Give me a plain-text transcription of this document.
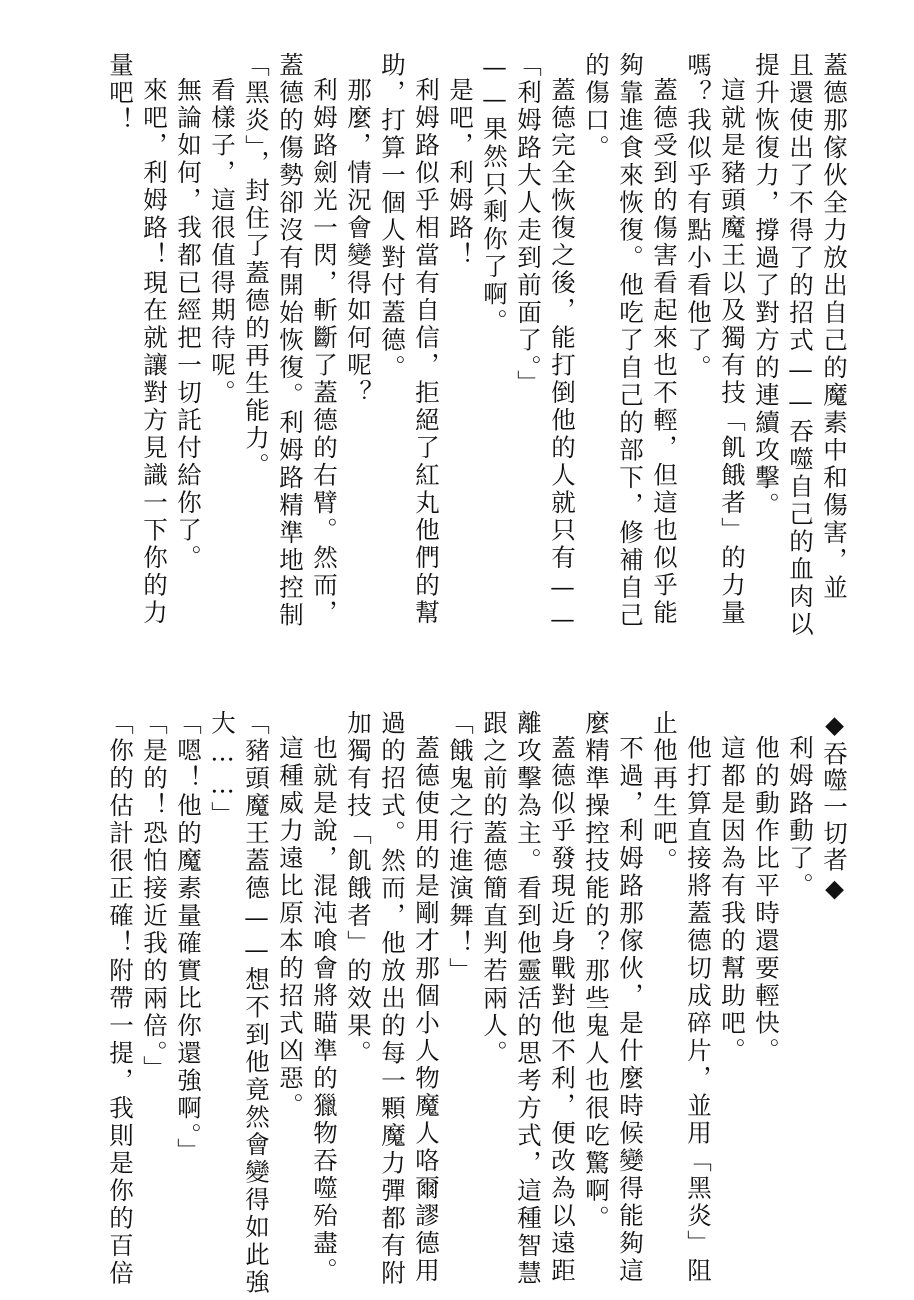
蓋德那傢伙全力放出自己的魔素中和傷害，並

且還使出了不得了的招式——吞噬自己的血肉以

提升恢復力，撐過了對方的連續攻擊。

這就是豬頭魔王以及獨有技「飢餓者」的力量

嗎？我似乎有點小看他了。

蓋德受到的傷害看起來也不輕，但這也似乎能

夠靠進食來恢復。他吃了自己的部下，修補自己

的傷口。

蓋德完全恢復之後，能打倒他的人就只有——

「利姆路大人走到前面了。」

——果然只剩你了啊。

是吧，利姆路！

利姆路似乎相當有自信，拒絕了紅丸他們的幫

助，打算一個人對付蓋德。

那麼，情況會變得如何呢？

利姆路劍光一閃，斬斷了蓋德的右臂。然而，

蓋德的傷勢卻沒有開始恢復。利姆路精準地控制

「黑炎」，封住了蓋德的再生能力。

看樣子，這很值得期待呢。

無論如何，我都已經把一切託付給你了。

來吧，利姆路！現在就讓對方見識一下你的力

量吧！

◆吞噬一切者◆

利姆路動了。

他的動作比平時還要輕快。

這都是因為有我的幫助吧。

他打算直接將蓋德切成碎片，並用「黑炎」阻

止他再生吧。

不過，利姆路那傢伙，是什麼時候變得能夠這

麼精準操控技能的？那些鬼人也很吃驚啊。

蓋德似乎發現近身戰對他不利，便改為以遠距

離攻擊為主。看到他靈活的思考方式，這種智慧

跟之前的蓋德簡直判若兩人。

「餓鬼之行進演舞！」

蓋德使用的是剛才那個小人物魔人咯爾謬德用

過的招式。然而，他放出的每一顆魔力彈都有附

加獨有技「飢餓者」的效果。

也就是說，混沌喰會將瞄準的獵物吞噬殆盡。

這種威力遠比原本的招式凶惡。

「豬頭魔王蓋德——想不到他竟然會變得如此強

大……」

「嗯！他的魔素量確實比你還強啊。」

「是的！恐怕接近我的兩倍。」

「你的估計很正確！附帶一提，我則是你的百倍
